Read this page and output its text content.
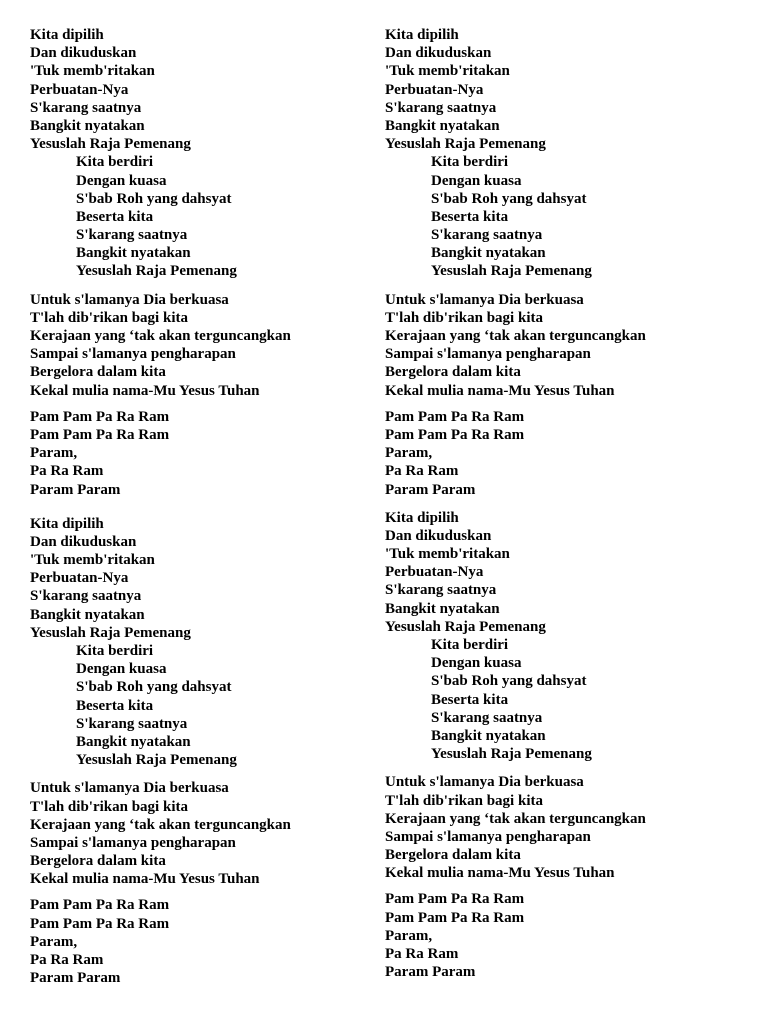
Kita dipilih
Dan dikuduskan
'Tuk memb'ritakan
Perbuatan-Nya
S'karang saatnya
Bangkit nyatakan
Yesuslah Raja Pemenang
Kita berdiri
Dengan kuasa
S'bab Roh yang dahsyat
Beserta kita
S'karang saatnya
Bangkit nyatakan
Yesuslah Raja Pemenang
Untuk s'lamanya Dia berkuasa
T'lah dib'rikan bagi kita
Kerajaan yang ‘tak akan terguncangkan
Sampai s'lamanya pengharapan
Bergelora dalam kita
Kekal mulia nama-Mu Yesus Tuhan
Pam Pam Pa Ra Ram
Pam Pam Pa Ra Ram
Param,
Pa Ra Ram
Param Param
Kita dipilih
Dan dikuduskan
'Tuk memb'ritakan
Perbuatan-Nya
S'karang saatnya
Bangkit nyatakan
Yesuslah Raja Pemenang
Kita berdiri
Dengan kuasa
S'bab Roh yang dahsyat
Beserta kita
S'karang saatnya
Bangkit nyatakan
Yesuslah Raja Pemenang
Untuk s'lamanya Dia berkuasa
T'lah dib'rikan bagi kita
Kerajaan yang ‘tak akan terguncangkan
Sampai s'lamanya pengharapan
Bergelora dalam kita
Kekal mulia nama-Mu Yesus Tuhan
Pam Pam Pa Ra Ram
Pam Pam Pa Ra Ram
Param,
Pa Ra Ram
Param Param
Kita dipilih
Dan dikuduskan
'Tuk memb'ritakan
Perbuatan-Nya
S'karang saatnya
Bangkit nyatakan
Yesuslah Raja Pemenang
Kita berdiri
Dengan kuasa
S'bab Roh yang dahsyat
Beserta kita
S'karang saatnya
Bangkit nyatakan
Yesuslah Raja Pemenang
Untuk s'lamanya Dia berkuasa
T'lah dib'rikan bagi kita
Kerajaan yang ‘tak akan terguncangkan
Sampai s'lamanya pengharapan
Bergelora dalam kita
Kekal mulia nama-Mu Yesus Tuhan
Pam Pam Pa Ra Ram
Pam Pam Pa Ra Ram
Param,
Pa Ra Ram
Param Param
Kita dipilih
Dan dikuduskan
'Tuk memb'ritakan
Perbuatan-Nya
S'karang saatnya
Bangkit nyatakan
Yesuslah Raja Pemenang
Kita berdiri
Dengan kuasa
S'bab Roh yang dahsyat
Beserta kita
S'karang saatnya
Bangkit nyatakan
Yesuslah Raja Pemenang
Untuk s'lamanya Dia berkuasa
T'lah dib'rikan bagi kita
Kerajaan yang ‘tak akan terguncangkan
Sampai s'lamanya pengharapan
Bergelora dalam kita
Kekal mulia nama-Mu Yesus Tuhan
Pam Pam Pa Ra Ram
Pam Pam Pa Ra Ram
Param,
Pa Ra Ram
Param Param
